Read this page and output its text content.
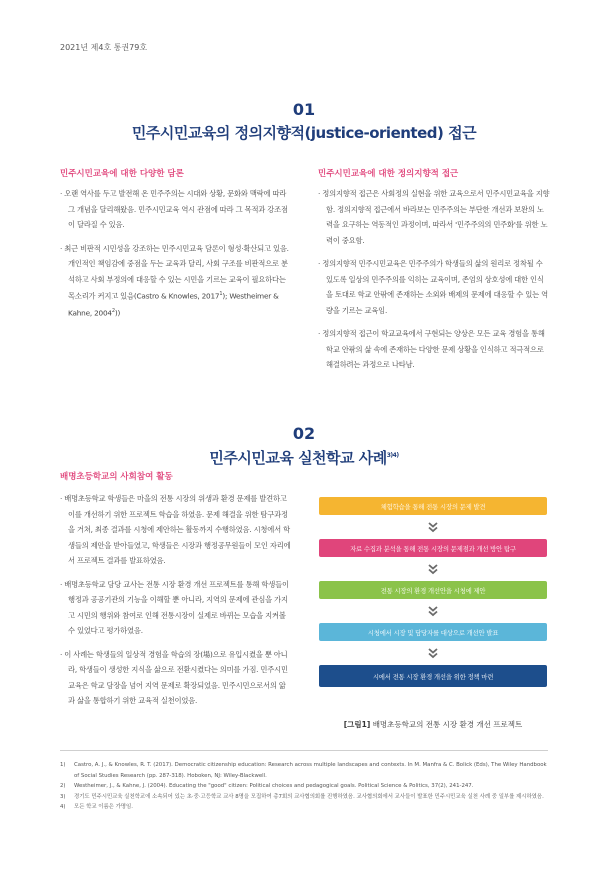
2021년 제4호 통권79호
01
민주시민교육의 정의지향적(justice-oriented) 접근
민주시민교육에 대한 다양한 담론

· 오랜 역사를 두고 발전해 온 민주주의는 시대와 상황, 문화와 맥락에 따라 그 개념을 달리해왔음. 민주시민교육 역시 관점에 따라 그 목적과 강조점이 달라질 수 있음.

· 최근 비판적 시민성을 강조하는 민주시민교육 담론이 형성·확산되고 있음. 개인적인 책임감에 중점을 두는 교육과 달리, 사회 구조를 비판적으로 분석하고 사회 부정의에 대응할 수 있는 시민을 기르는 교육이 필요하다는 목소리가 커지고 있음(Castro & Knowles, 2017$^1$); Westheimer & Kahne, 2004$^2$))

민주시민교육에 대한 정의지향적 접근

· 정의지향적 접근은 사회정의 실현을 위한 교육으로서 민주시민교육을 지향함. 정의지향적 접근에서 바라보는 민주주의는 부단한 개선과 보완의 노력을 요구하는 역동적인 과정이며, 따라서 '민주주의의 민주화'를 위한 노력이 중요함.

· 정의지향적 민주시민교육은 민주주의가 학생들의 삶의 원리로 정착될 수 있도록 일상의 민주주의를 익히는 교육이며, 존엄의 상호성에 대한 인식을 토대로 학교 안팎에 존재하는 소외와 배제의 문제에 대응할 수 있는 역량을 기르는 교육임.

· 정의지향적 접근이 학교교육에서 구현되는 양상은 모든 교육 경험을 통해 학교 안팎의 삶 속에 존재하는 다양한 문제 상황을 인식하고 적극적으로 해결하려는 과정으로 나타남.

02
민주시민교육 실천학교 사례$^{3)4)}$
배명초등학교의 사회참여 활동

· 배명초등학교 학생들은 마을의 전통 시장의 위생과 환경 문제를 발견하고 이를 개선하기 위한 프로젝트 학습을 하였음. 문제 해결을 위한 탐구과정을 거쳐, 최종 결과를 시청에 제안하는 활동까지 수행하였음. 시청에서 학생들의 제안을 받아들였고, 학생들은 시장과 행정공무원들이 모인 자리에서 프로젝트 결과를 발표하였음.

· 배명초등학교 담당 교사는 전통 시장 환경 개선 프로젝트를 통해 학생들이 행정과 공공기관의 기능을 이해할 뿐 아니라, 지역의 문제에 관심을 가지고 시민의 행위와 참여로 인해 전통시장이 실제로 바뀌는 모습을 지켜볼 수 있었다고 평가하였음.

· 이 사례는 학생들의 일상적 경험을 학습의 장(場)으로 유입시켰을 뿐 아니라, 학생들이 생성한 지식을 삶으로 전환시켰다는 의미를 가짐. 민주시민교육은 학교 담장을 넘어 지역 문제로 확장되었음. 민주시민으로서의 앎과 삶을 통합하기 위한 교육적 실천이었음.

체험학습을 통해 전통 시장의 문제 발견
자료 수집과 분석을 통해 전통 시장의 문제점과 개선 방안 탐구
전통 시장의 환경 개선안을 시청에 제안
시청에서 시장 및 담당자를 대상으로 개선안 발표
시에서 전통 시장 환경 개선을 위한 정책 마련
[그림1] 배명초등학교의 전통 시장 환경 개선 프로젝트
1) Castro, A. J., & Knowles, R. T. (2017). Democratic citizenship education: Research across multiple landscapes and contexts. In M. Manfra & C. Bolick (Eds), The Wiley Handbook of Social Studies Research (pp. 287-318). Hoboken, NJ: Wiley-Blackwell.
2) Westheimer, J., & Kahne, J. (2004). Educating the "good" citizen: Political choices and pedagogical goals. Political Science & Politics, 37(2), 241-247.
3) 경기도 민주시민교육 실천학교에 소속되어 있는 초·중·고등학교 교사 8명을 모집하여 총7회의 교사협의회를 진행하였음. 교사협의회에서 교사들이 발표한 민주시민교육 실천 사례 중 일부를 제시하였음.
4) 모든 학교 이름은 가명임.
